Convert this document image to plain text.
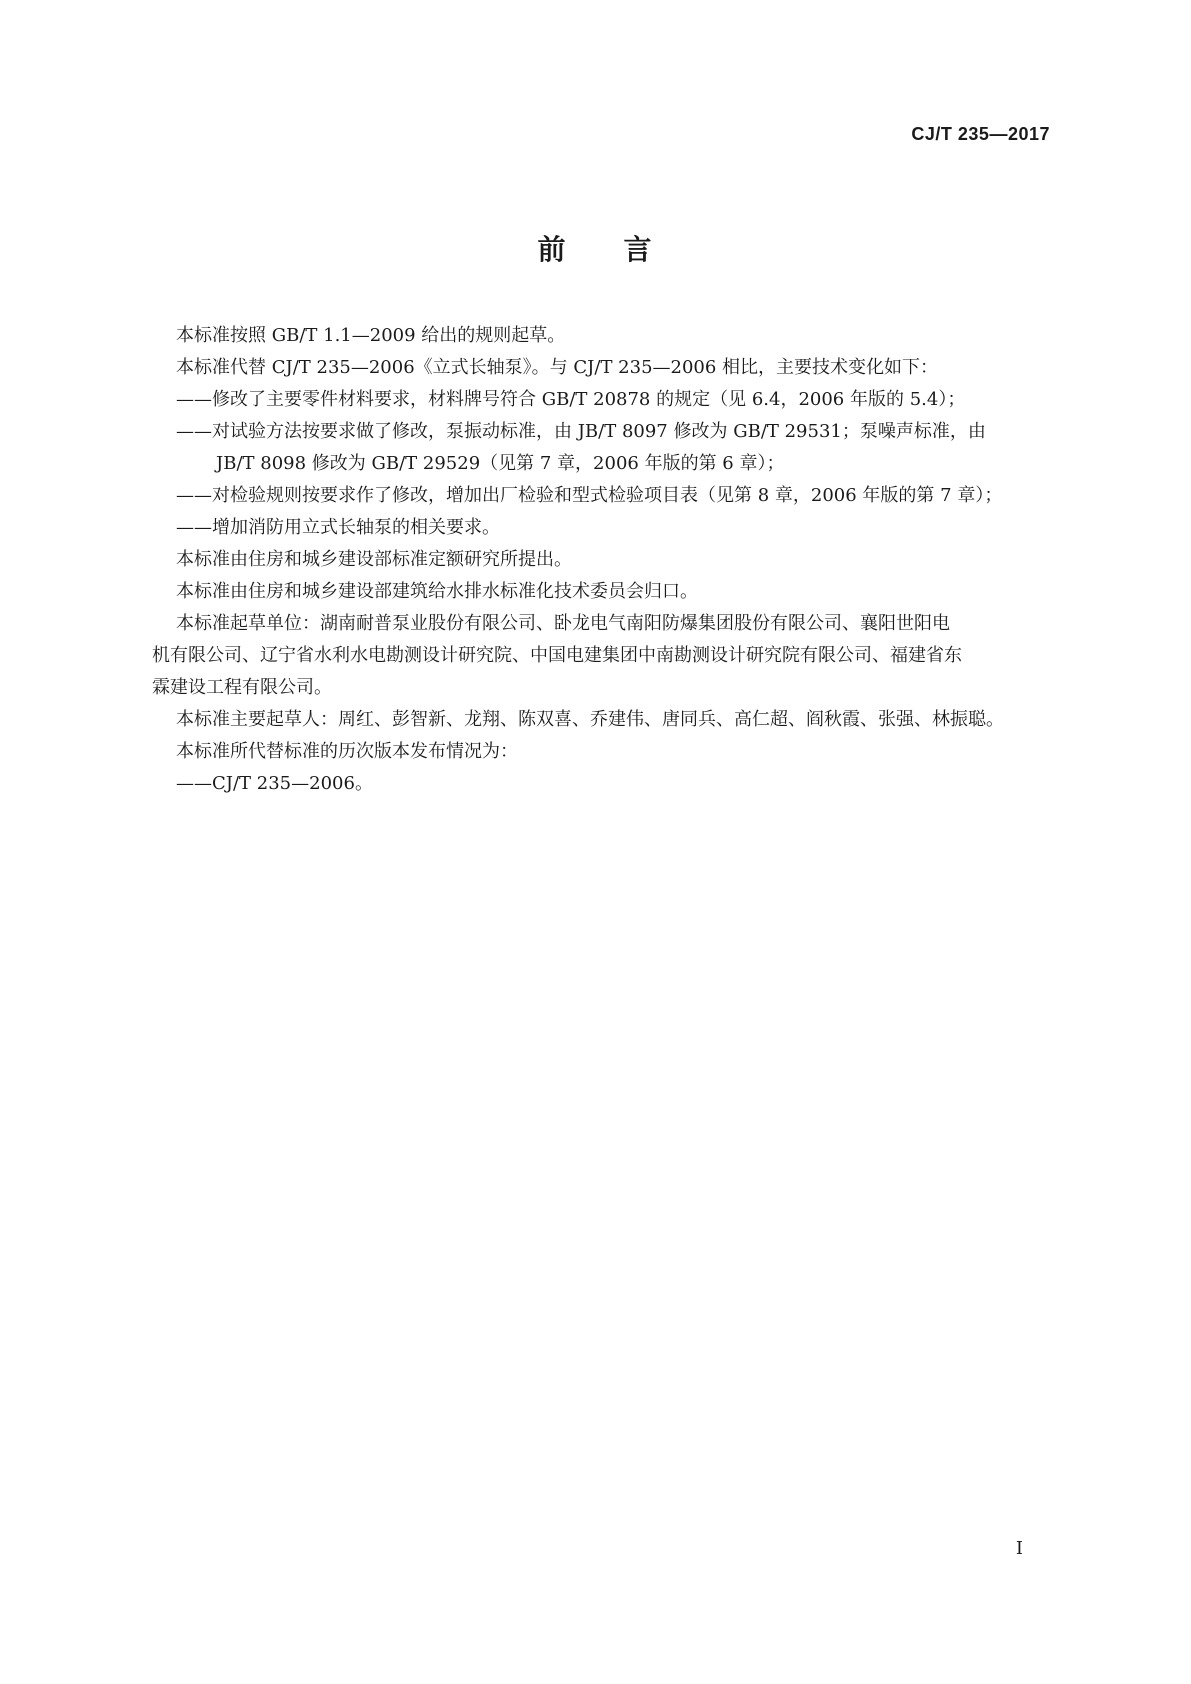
CJ/T 235—2017
前 言

本标准按照 GB/T 1.1—2009 给出的规则起草。

本标准代替 CJ/T 235—2006《立式长轴泵》。与 CJ/T 235—2006 相比，主要技术变化如下：

——修改了主要零件材料要求，材料牌号符合 GB/T 20878 的规定（见 6.4，2006 年版的 5.4）；

——对试验方法按要求做了修改，泵振动标准，由 JB/T 8097 修改为 GB/T 29531；泵噪声标准，由

JB/T 8098 修改为 GB/T 29529（见第 7 章，2006 年版的第 6 章）；

——对检验规则按要求作了修改，增加出厂检验和型式检验项目表（见第 8 章，2006 年版的第 7 章）；

——增加消防用立式长轴泵的相关要求。

本标准由住房和城乡建设部标准定额研究所提出。

本标准由住房和城乡建设部建筑给水排水标准化技术委员会归口。

本标准起草单位：湖南耐普泵业股份有限公司、卧龙电气南阳防爆集团股份有限公司、襄阳世阳电

机有限公司、辽宁省水利水电勘测设计研究院、中国电建集团中南勘测设计研究院有限公司、福建省东

霖建设工程有限公司。

本标准主要起草人：周红、彭智新、龙翔、陈双喜、乔建伟、唐同兵、高仁超、阎秋霞、张强、林振聪。

本标准所代替标准的历次版本发布情况为：

——CJ/T 235—2006。

I
